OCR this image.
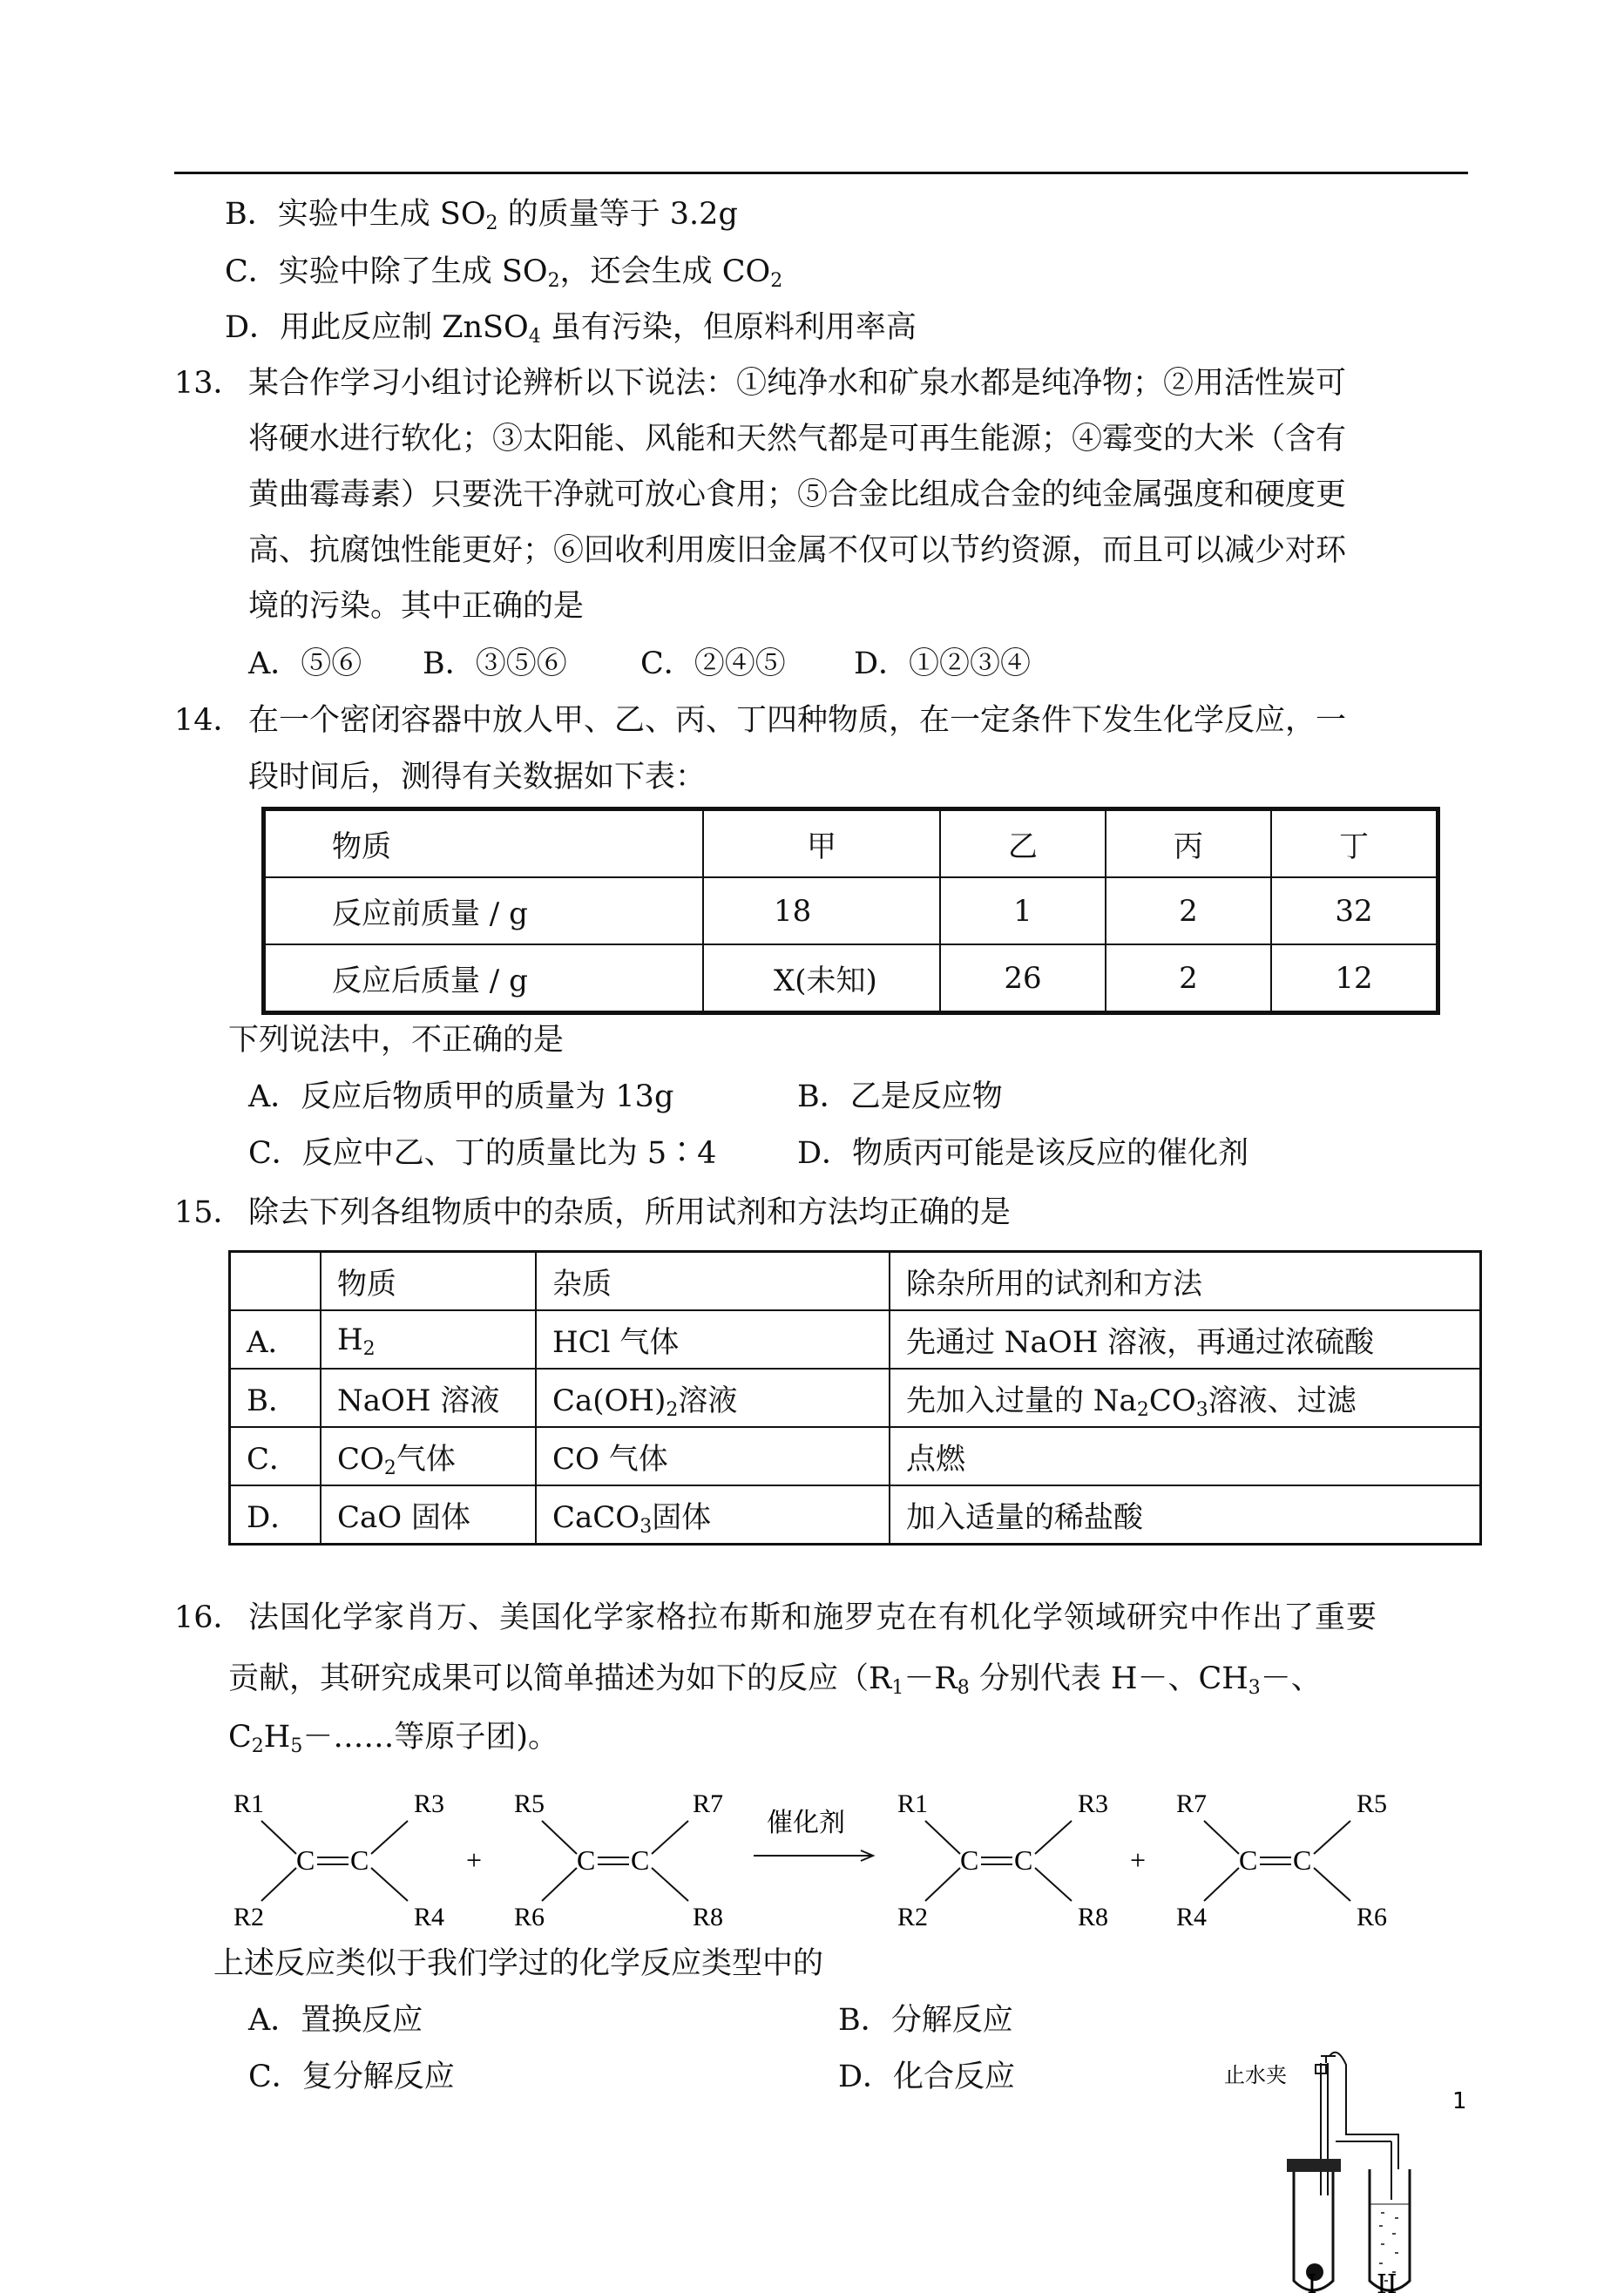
B．实验中生成 $SO_2$ 的质量等于 3.2g
C．实验中除了生成 $SO_2$，还会生成 $CO_2$
D．用此反应制 ZnSO$_4$ 虽有污染，但原料利用率高
13． 某合作学习小组讨论辨析以下说法：①纯净水和矿泉水都是纯净物；②用活性炭可
将硬水进行软化；③太阳能、风能和天然气都是可再生能源；④霉变的大米（含有
黄曲霉毒素）只要洗干净就可放心食用；⑤合金比组成合金的纯金属强度和硬度更
高、抗腐蚀性能更好；⑥回收利用废旧金属不仅可以节约资源，而且可以减少对环
境的污染。其中正确的是
A．⑤⑥ B．③⑤⑥ C．②④⑤ D．①②③④
14． 在一个密闭容器中放人甲、乙、丙、丁四种物质，在一定条件下发生化学反应，一
段时间后，测得有关数据如下表：
物质	甲	乙	丙	丁
反应前质量 / g	18	1	2	32
反应后质量 / g	X(未知)	26	2	12
下列说法中，不正确的是
A．反应后物质甲的质量为 13g	B．乙是反应物
C．反应中乙、丁的质量比为 5∶4	D．物质丙可能是该反应的催化剂
15． 除去下列各组物质中的杂质，所用试剂和方法均正确的是
	物质	杂质	除杂所用的试剂和方法
A．	$H_2$	HCl 气体	先通过 NaOH 溶液，再通过浓硫酸
B．	NaOH 溶液	$Ca(OH)_2$溶液	先加入过量的 $Na_2CO_3$溶液、过滤
C．	$CO_2$气体	CO 气体	点燃
D．	CaO 固体	CaCO$_3$固体	加入适量的稀盐酸
16． 法国化学家肖万、美国化学家格拉布斯和施罗克在有机化学领域研究中作出了重要
贡献，其研究成果可以简单描述为如下的反应（$R_1-R_8$ 分别代表 H－、$CH_3-$、
$C_2H_5-\dots\dots$等原子团)。
R1
R2
R3
R4
C C	+
R5
R6
R7
R8
C C
催化剂
R1
R2
R3
R8
C C	+
R7
R4
R5
R6
C C
上述反应类似于我们学过的化学反应类型中的
A．置换反应	B．分解反应
C．复分解反应	D．化合反应	止水夹
1
I II
